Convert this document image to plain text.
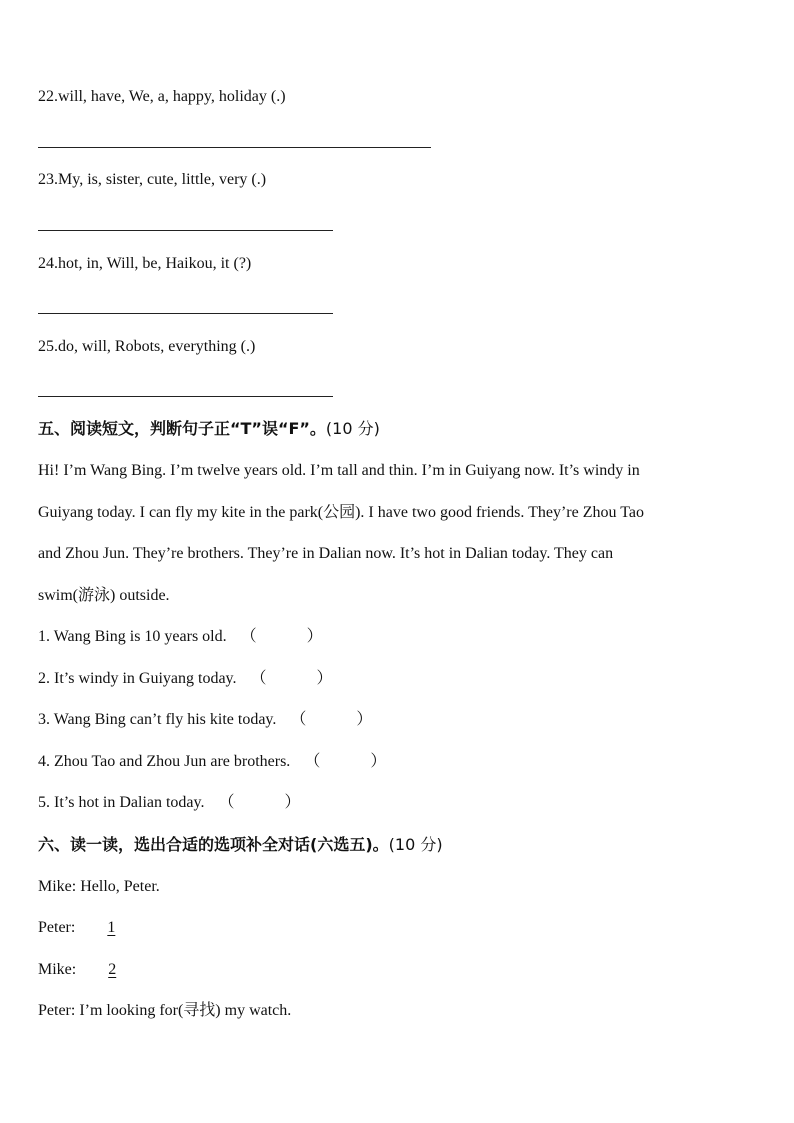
22.will, have, We, a, happy, holiday (.)
23.My, is, sister, cute, little, very (.)
24.hot, in, Will, be, Haikou, it (?)
25.do, will, Robots, everything (.)
五、阅读短文，判断句子正“T”误“F”。(10 分)
Hi! I’m Wang Bing. I’m twelve years old. I’m tall and thin. I’m in Guiyang now. It’s windy in
Guiyang today. I can fly my kite in the park(公园). I have two good friends. They’re Zhou Tao
and Zhou Jun. They’re brothers. They’re in Dalian now. It’s hot in Dalian today. They can
swim(游泳) outside.
1. Wang Bing is 10 years old. （	）
2. It’s windy in Guiyang today. （	）
3. Wang Bing can’t fly his kite today. （	）
4. Zhou Tao and Zhou Jun are brothers. （	）
5. It’s hot in Dalian today. （	）
六、读一读，选出合适的选项补全对话(六选五)。(10 分)
Mike: Hello, Peter.
Peter: 1
Mike: 2
Peter: I’m looking for(寻找) my watch.
